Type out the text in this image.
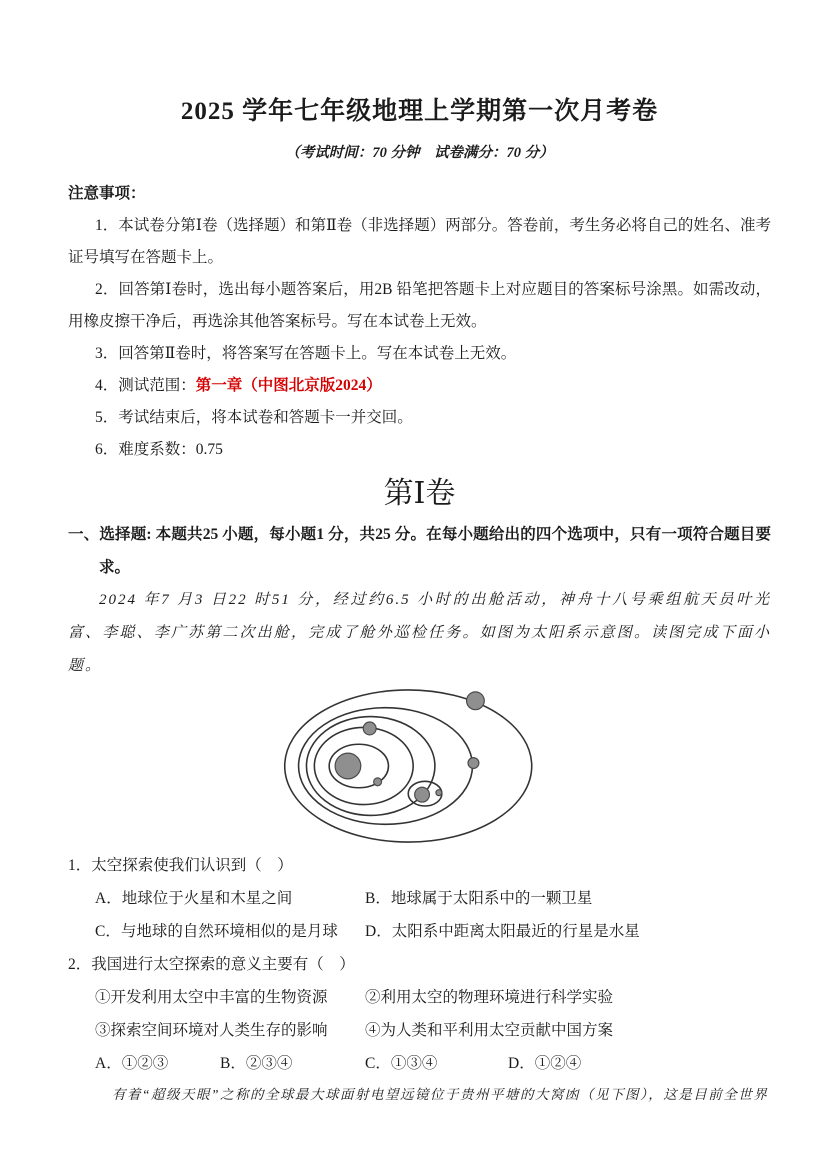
2025 学年七年级地理上学期第一次月考卷
（考试时间：70 分钟　试卷满分：70 分）
注意事项：

1．本试卷分第Ⅰ卷（选择题）和第Ⅱ卷（非选择题）两部分。答卷前，考生务必将自己的姓名、准考证号填写在答题卡上。

2．回答第Ⅰ卷时，选出每小题答案后，用2B 铅笔把答题卡上对应题目的答案标号涂黑。如需改动，用橡皮擦干净后，再选涂其他答案标号。写在本试卷上无效。

3．回答第Ⅱ卷时，将答案写在答题卡上。写在本试卷上无效。

4．测试范围：第一章（中图北京版2024）

5．考试结束后，将本试卷和答题卡一并交回。

6．难度系数：0.75

第Ⅰ卷

一、选择题: 本题共25 小题，每小题1 分，共25 分。在每小题给出的四个选项中，只有一项符合题目要求。

2024 年7 月3 日22 时51 分，经过约6.5 小时的出舱活动，神舟十八号乘组航天员叶光富、李聪、李广苏第二次出舱，完成了舱外巡检任务。如图为太阳系示意图。读图完成下面小题。

1．太空探索使我们认识到（　）

A．地球位于火星和木星之间	B．地球属于太阳系中的一颗卫星
C．与地球的自然环境相似的是月球	D．太阳系中距离太阳最近的行星是水星

2．我国进行太空探索的意义主要有（　）

①开发利用太空中丰富的生物资源	②利用太空的物理环境进行科学实验
③探索空间环境对人类生存的影响	④为人类和平利用太空贡献中国方案
A．①②③	B．②③④	C．①③④	D．①②④

有着“超级天眼”之称的全球最大球面射电望远镜位于贵州平塘的大窝凼（见下图），这是目前全世界
